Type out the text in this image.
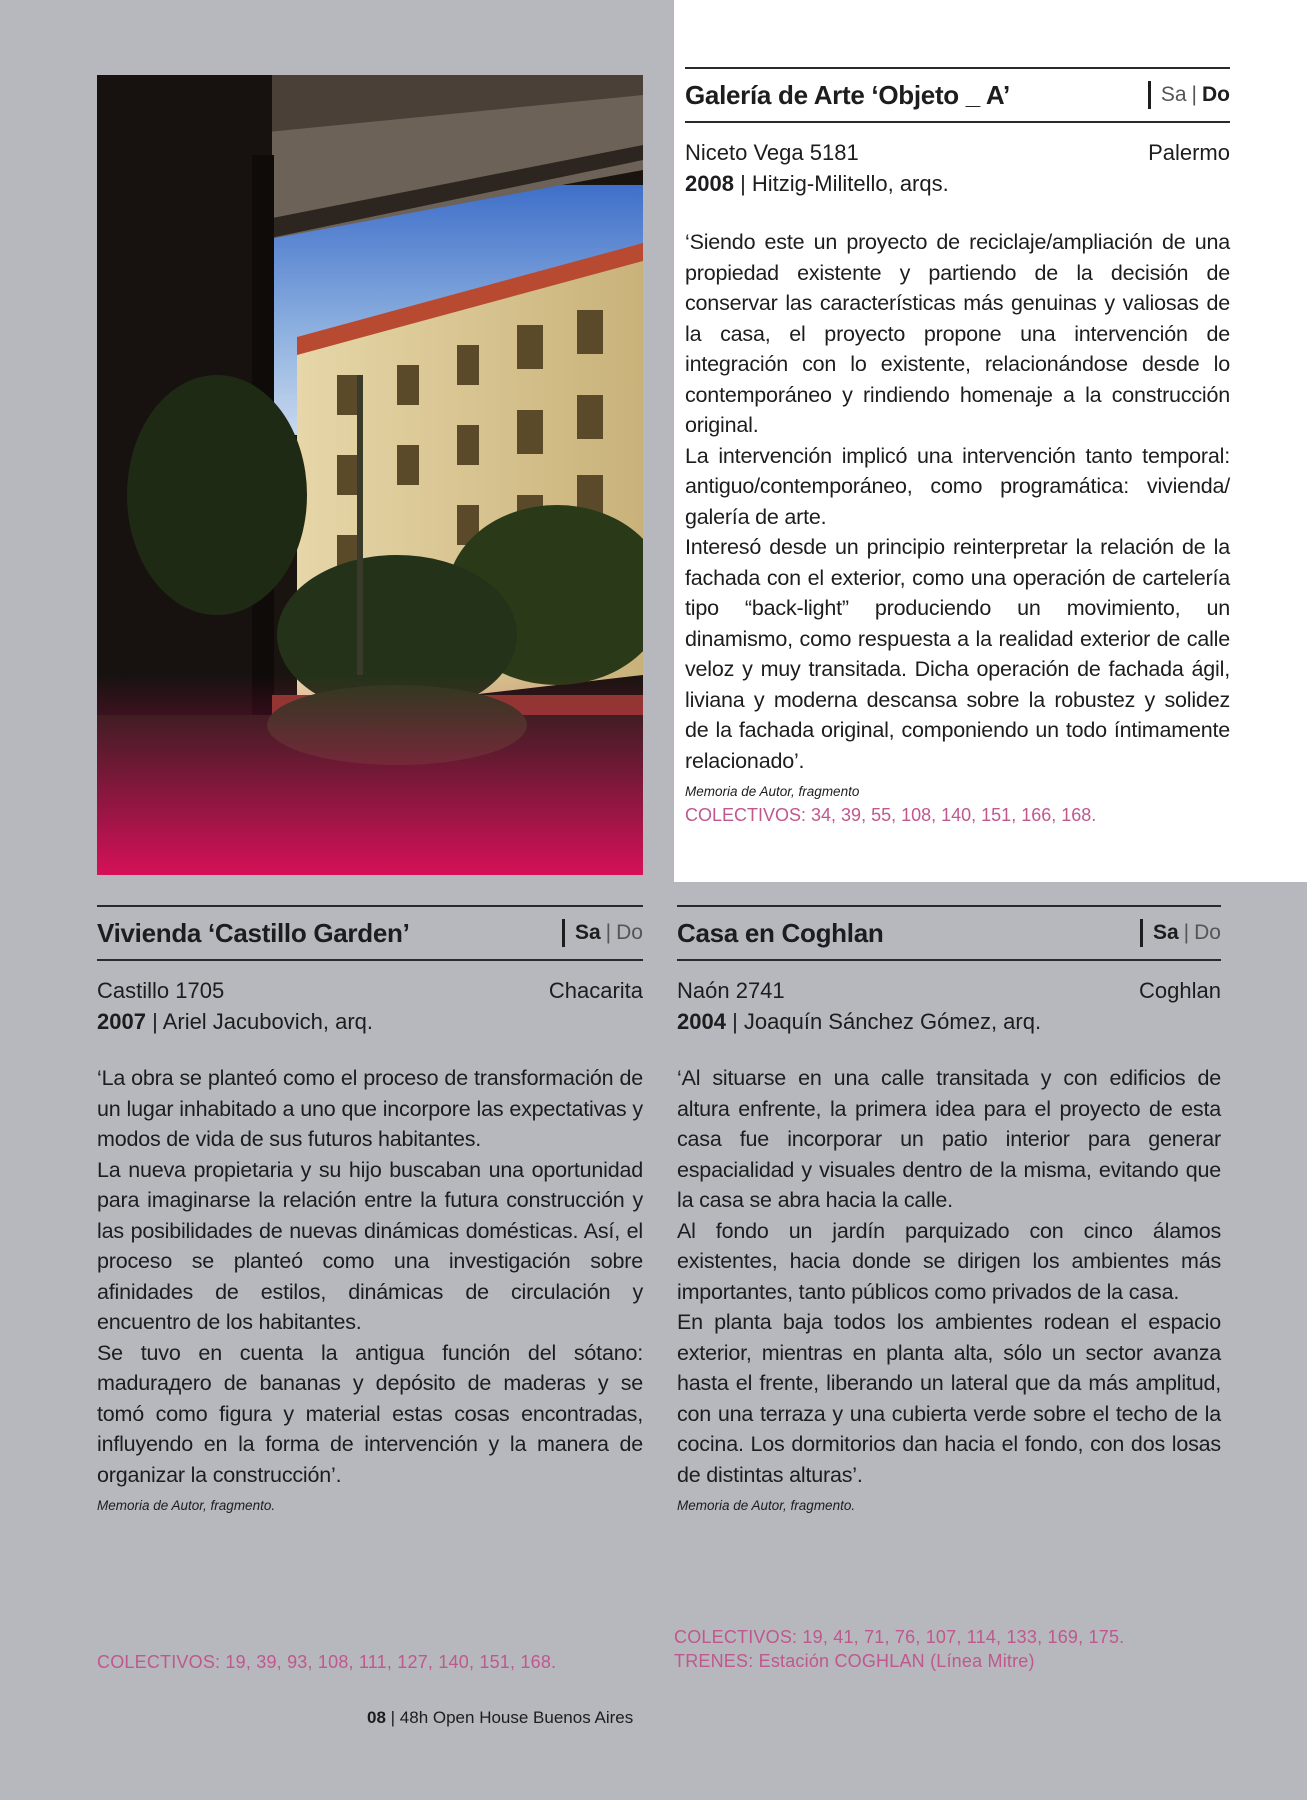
Galería de Arte ‘Objeto _ A’	Sa | Do
Niceto Vega 5181	Palermo
2008 | Hitzig-Militello, arqs.

‘Siendo este un proyecto de reciclaje/ampliación de una propiedad existente y partiendo de la decisión de conservar las características más genuinas y valiosas de la casa, el proyecto propone una intervención de integración con lo existente, relacionándose desde lo contemporáneo y rindiendo homenaje a la construcción original.

La intervención implicó una intervención tanto temporal: antiguo/contemporáneo, como programática: vivienda/ galería de arte.

Interesó desde un principio reinterpretar la relación de la fachada con el exterior, como una operación de cartelería tipo “back-light” produciendo un movimiento, un dinamismo, como respuesta a la realidad exterior de calle veloz y muy transitada. Dicha operación de fachada ágil, liviana y moderna descansa sobre la robustez y solidez de la fachada original, componiendo un todo íntimamente relacionado’.

Memoria de Autor, fragmento
COLECTIVOS: 34, 39, 55, 108, 140, 151, 166, 168.
Vivienda ‘Castillo Garden’	Sa | Do
Castillo 1705	Chacarita
2007 | Ariel Jacubovich, arq.

‘La obra se planteó como el proceso de transformación de un lugar inhabitado a uno que incorpore las expectativas y modos de vida de sus futuros habitantes.

La nueva propietaria y su hijo buscaban una oportunidad para imaginarse la relación entre la futura construcción y las posibilidades de nuevas dinámicas domésticas. Así, el proceso se planteó como una investigación sobre afinidades de estilos, dinámicas de circulación y encuentro de los habitantes.

Se tuvo en cuenta la antigua función del sótano: madurадero de bananas y depósito de maderas y se tomó como figura y material estas cosas encontradas, influyendo en la forma de intervención y la manera de organizar la construcción’.

Memoria de Autor, fragmento.
Casa en Coghlan	Sa | Do
Naón 2741	Coghlan
2004 | Joaquín Sánchez Gómez, arq.

‘Al situarse en una calle transitada y con edificios de altura enfrente, la primera idea para el proyecto de esta casa fue incorporar un patio interior para generar espacialidad y visuales dentro de la misma, evitando que la casa se abra hacia la calle.

Al fondo un jardín parquizado con cinco álamos existentes, hacia donde se dirigen los ambientes más importantes, tanto públicos como privados de la casa.

En planta baja todos los ambientes rodean el espacio exterior, mientras en planta alta, sólo un sector avanza hasta el frente, liberando un lateral que da más amplitud, con una terraza y una cubierta verde sobre el techo de la cocina. Los dormitorios dan hacia el fondo, con dos losas de distintas alturas’.

Memoria de Autor, fragmento.
COLECTIVOS: 19, 39, 93, 108, 111, 127, 140, 151, 168.
COLECTIVOS: 19, 41, 71, 76, 107, 114, 133, 169, 175.
TRENES: Estación COGHLAN (Línea Mitre)
08 | 48h Open House Buenos Aires
